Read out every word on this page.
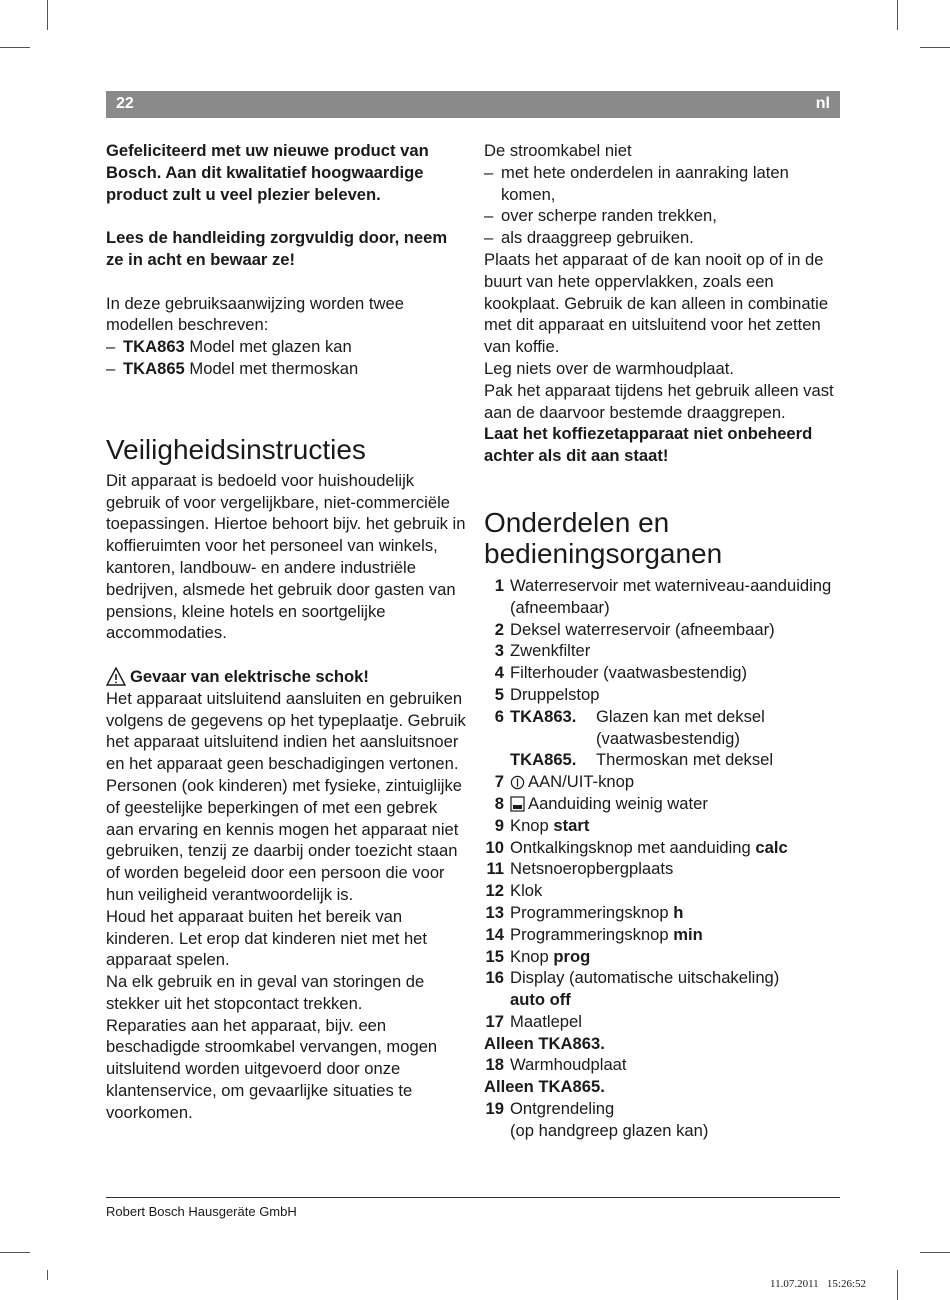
22	nl

Gefeliciteerd met uw nieuwe product van Bosch. Aan dit kwalitatief hoogwaardige product zult u veel plezier beleven.

Lees de handleiding zorgvuldig door, neem ze in acht en bewaar ze!

In deze gebruiksaanwijzing worden twee modellen beschreven:

– TKA863 Model met glazen kan
– TKA865 Model met thermoskan
Veiligheidsinstructies

Dit apparaat is bedoeld voor huishoudelijk gebruik of voor vergelijkbare, niet-commerciële toepassingen. Hiertoe behoort bijv. het gebruik in koffieruimten voor het personeel van winkels, kantoren, landbouw- en andere industriële bedrijven, alsmede het gebruik door gasten van pensions, kleine hotels en soortgelijke accommodaties.

Gevaar van elektrische schok!

Het apparaat uitsluitend aansluiten en gebruiken volgens de gegevens op het typeplaatje. Gebruik het apparaat uitsluitend indien het aansluitsnoer en het apparaat geen beschadigingen vertonen.

Personen (ook kinderen) met fysieke, zintuiglijke of geestelijke beperkingen of met een gebrek aan ervaring en kennis mogen het apparaat niet gebruiken, tenzij ze daarbij onder toezicht staan of worden begeleid door een persoon die voor hun veiligheid verantwoordelijk is.

Houd het apparaat buiten het bereik van kinderen. Let erop dat kinderen niet met het apparaat spelen.

Na elk gebruik en in geval van storingen de stekker uit het stopcontact trekken.

Reparaties aan het apparaat, bijv. een beschadigde stroomkabel vervangen, mogen uitsluitend worden uitgevoerd door onze klantenservice, om gevaarlijke situaties te voorkomen.

De stroomkabel niet

– met hete onderdelen in aanraking laten komen,
– over scherpe randen trekken,
– als draaggreep gebruiken.

Plaats het apparaat of de kan nooit op of in de buurt van hete oppervlakken, zoals een kookplaat. Gebruik de kan alleen in combinatie met dit apparaat en uitsluitend voor het zetten van koffie.

Leg niets over de warmhoudplaat.

Pak het apparaat tijdens het gebruik alleen vast aan de daarvoor bestemde draaggrepen.

Laat het koffiezetapparaat niet onbeheerd achter als dit aan staat!

Onderdelen en bedieningsorganen
1 Waterreservoir met waterniveau-aanduiding (afneembaar)
2 Deksel waterreservoir (afneembaar)
3 Zwenkfilter
4 Filterhouder (vaatwasbestendig)
5 Druppelstop
6 TKA863.	Glazen kan met deksel (vaatwasbestendig)
TKA865.	Thermoskan met deksel
7	AAN/UIT-knop
8	Aanduiding weinig water
9 Knop start
10 Ontkalkingsknop met aanduiding calc
11 Netsnoeropbergplaats
12 Klok
13 Programmeringsknop h
14 Programmeringsknop min
15 Knop prog
16 Display (automatische uitschakeling)
auto off
17 Maatlepel

Alleen TKA863.

18 Warmhoudplaat

Alleen TKA865.

19 Ontgrendeling
(op handgreep glazen kan)
Robert Bosch Hausgeräte GmbH
11.07.2011   15:26:52
